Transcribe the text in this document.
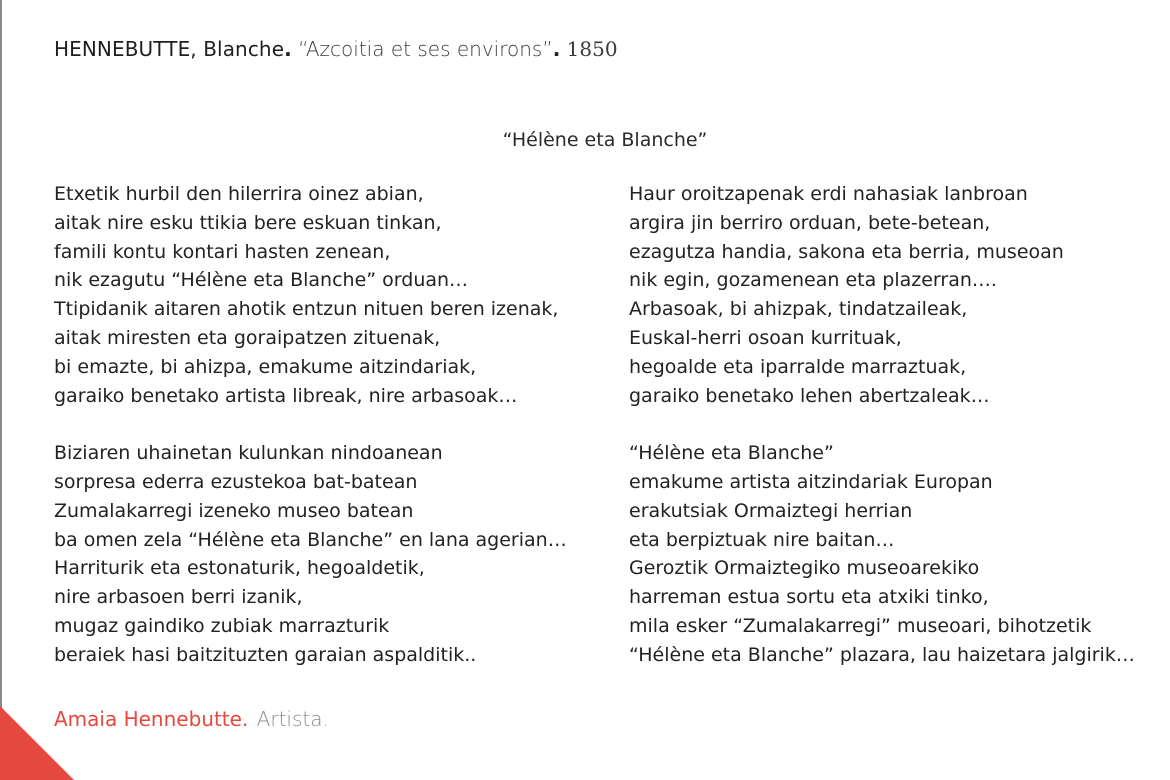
HENNEBUTTE, Blanche. “Azcoitia et ses environs”. 1850
“Hélène eta Blanche”
Etxetik hurbil den hilerrira oinez abian,
aitak nire esku ttikia bere eskuan tinkan,
famili kontu kontari hasten zenean,
nik ezagutu “Hélène eta Blanche” orduan…
Ttipidanik aitaren ahotik entzun nituen beren izenak,
aitak miresten eta goraipatzen zituenak,
bi emazte, bi ahizpa, emakume aitzindariak,
garaiko benetako artista libreak, nire arbasoak…
Biziaren uhainetan kulunkan nindoanean
sorpresa ederra ezustekoa bat-batean
Zumalakarregi izeneko museo batean
ba omen zela “Hélène eta Blanche” en lana agerian…
Harriturik eta estonaturik, hegoaldetik,
nire arbasoen berri izanik,
mugaz gaindiko zubiak marrazturik
beraiek hasi baitzituzten garaian aspalditik..
Haur oroitzapenak erdi nahasiak lanbroan
argira jin berriro orduan, bete-betean,
ezagutza handia, sakona eta berria, museoan
nik egin, gozamenean eta plazerran….
Arbasoak, bi ahizpak, tindatzaileak,
Euskal-herri osoan kurrituak,
hegoalde eta iparralde marraztuak,
garaiko benetako lehen abertzaleak…
“Hélène eta Blanche”
emakume artista aitzindariak Europan
erakutsiak Ormaiztegi herrian
eta berpiztuak nire baitan…
Geroztik Ormaiztegiko museoarekiko
harreman estua sortu eta atxiki tinko,
mila esker “Zumalakarregi” museoari, bihotzetik
“Hélène eta Blanche” plazara, lau haizetara jalgirik…
Amaia Hennebutte. Artista.
